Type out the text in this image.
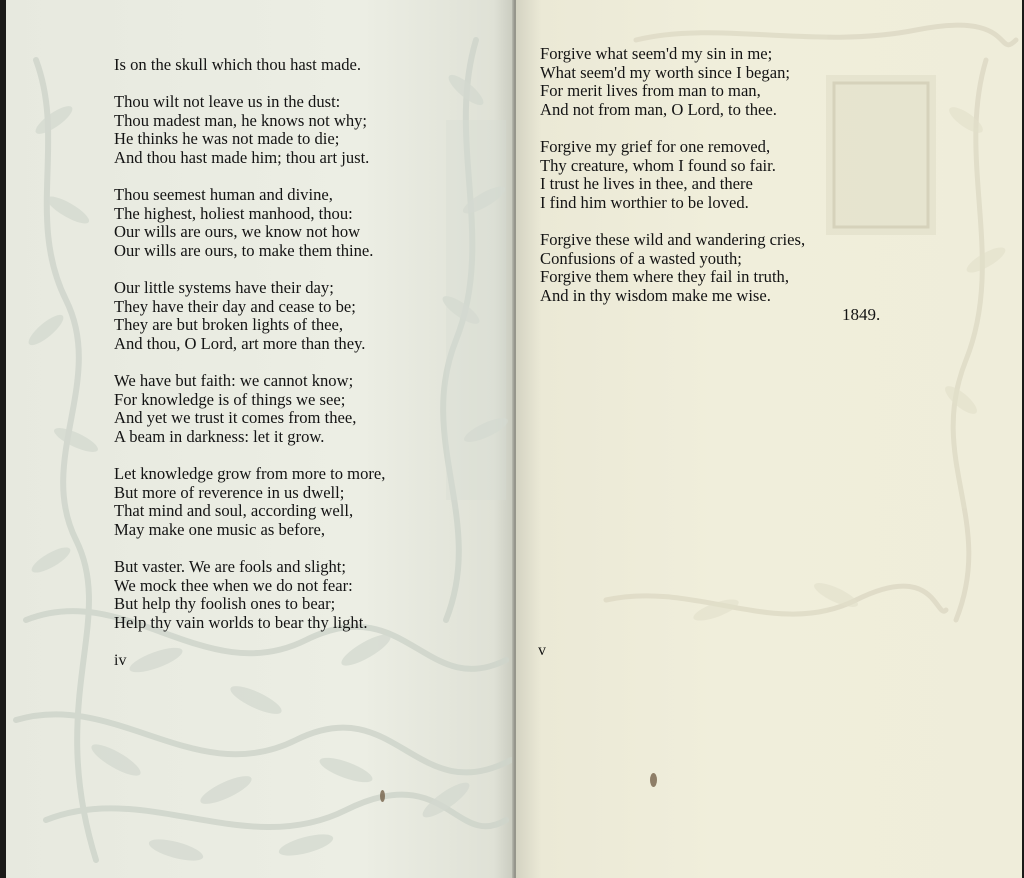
Is on the skull which thou hast made.

Thou wilt not leave us in the dust:
Thou madest man, he knows not why;
He thinks he was not made to die;
And thou hast made him; thou art just.

Thou seemest human and divine,
The highest, holiest manhood, thou:
Our wills are ours, we know not how
Our wills are ours, to make them thine.

Our little systems have their day;
They have their day and cease to be;
They are but broken lights of thee,
And thou, O Lord, art more than they.

We have but faith: we cannot know;
For knowledge is of things we see;
And yet we trust it comes from thee,
A beam in darkness: let it grow.

Let knowledge grow from more to more,
But more of reverence in us dwell;
That mind and soul, according well,
May make one music as before,

But vaster. We are fools and slight;
We mock thee when we do not fear:
But help thy foolish ones to bear;
Help thy vain worlds to bear thy light.

iv

Forgive what seem'd my sin in me;
What seem'd my worth since I began;
For merit lives from man to man,
And not from man, O Lord, to thee.

Forgive my grief for one removed,
Thy creature, whom I found so fair.
I trust he lives in thee, and there
I find him worthier to be loved.

Forgive these wild and wandering cries,
Confusions of a wasted youth;
Forgive them where they fail in truth,
And in thy wisdom make me wise.

1849.
v
